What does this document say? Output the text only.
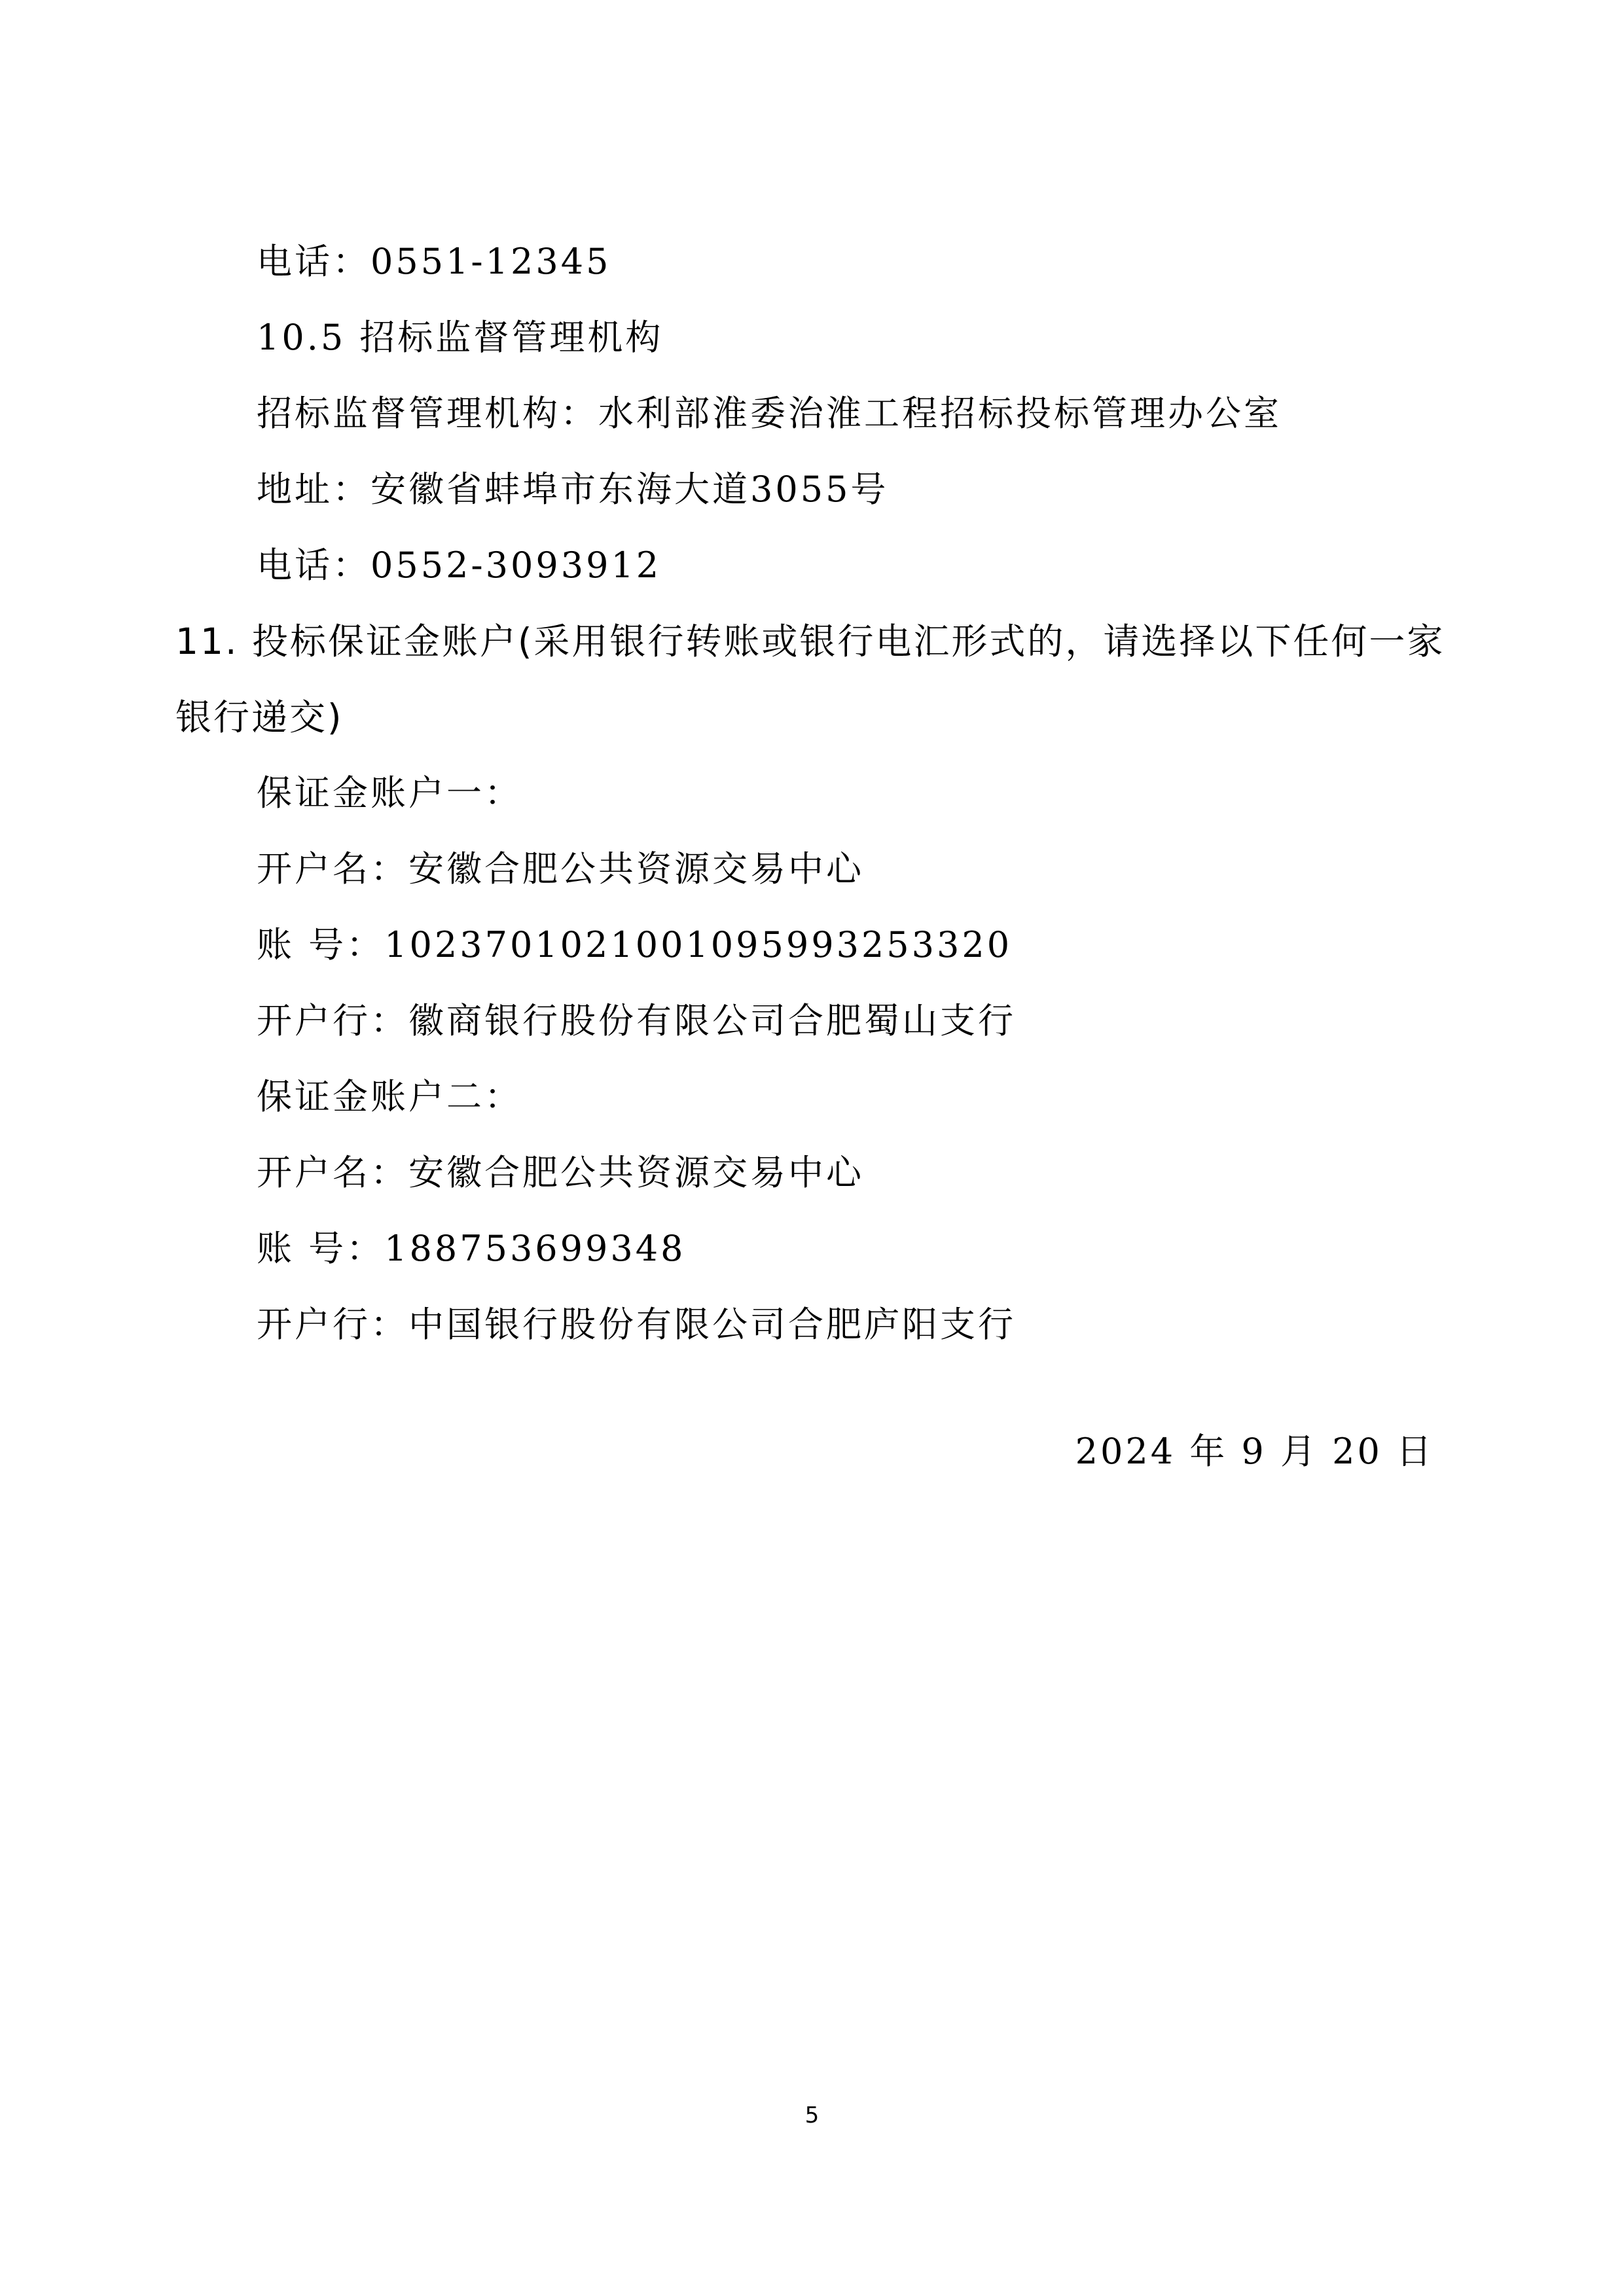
电话：0551-12345
10.5 招标监督管理机构
招标监督管理机构：水利部淮委治淮工程招标投标管理办公室
地址：安徽省蚌埠市东海大道3055号
电话：0552-3093912
11. 投标保证金账户(采用银行转账或银行电汇形式的，请选择以下任何一家
银行递交)
保证金账户一：
开户名：安徽合肥公共资源交易中心
账 号：10237010210010959932533​20
开户行：徽商银行股份有限公司合肥蜀山支行
保证金账户二：
开户名：安徽合肥公共资源交易中心
账 号：188753699348
开户行：中国银行股份有限公司合肥庐阳支行
2024 年 9 月 20 日
5
